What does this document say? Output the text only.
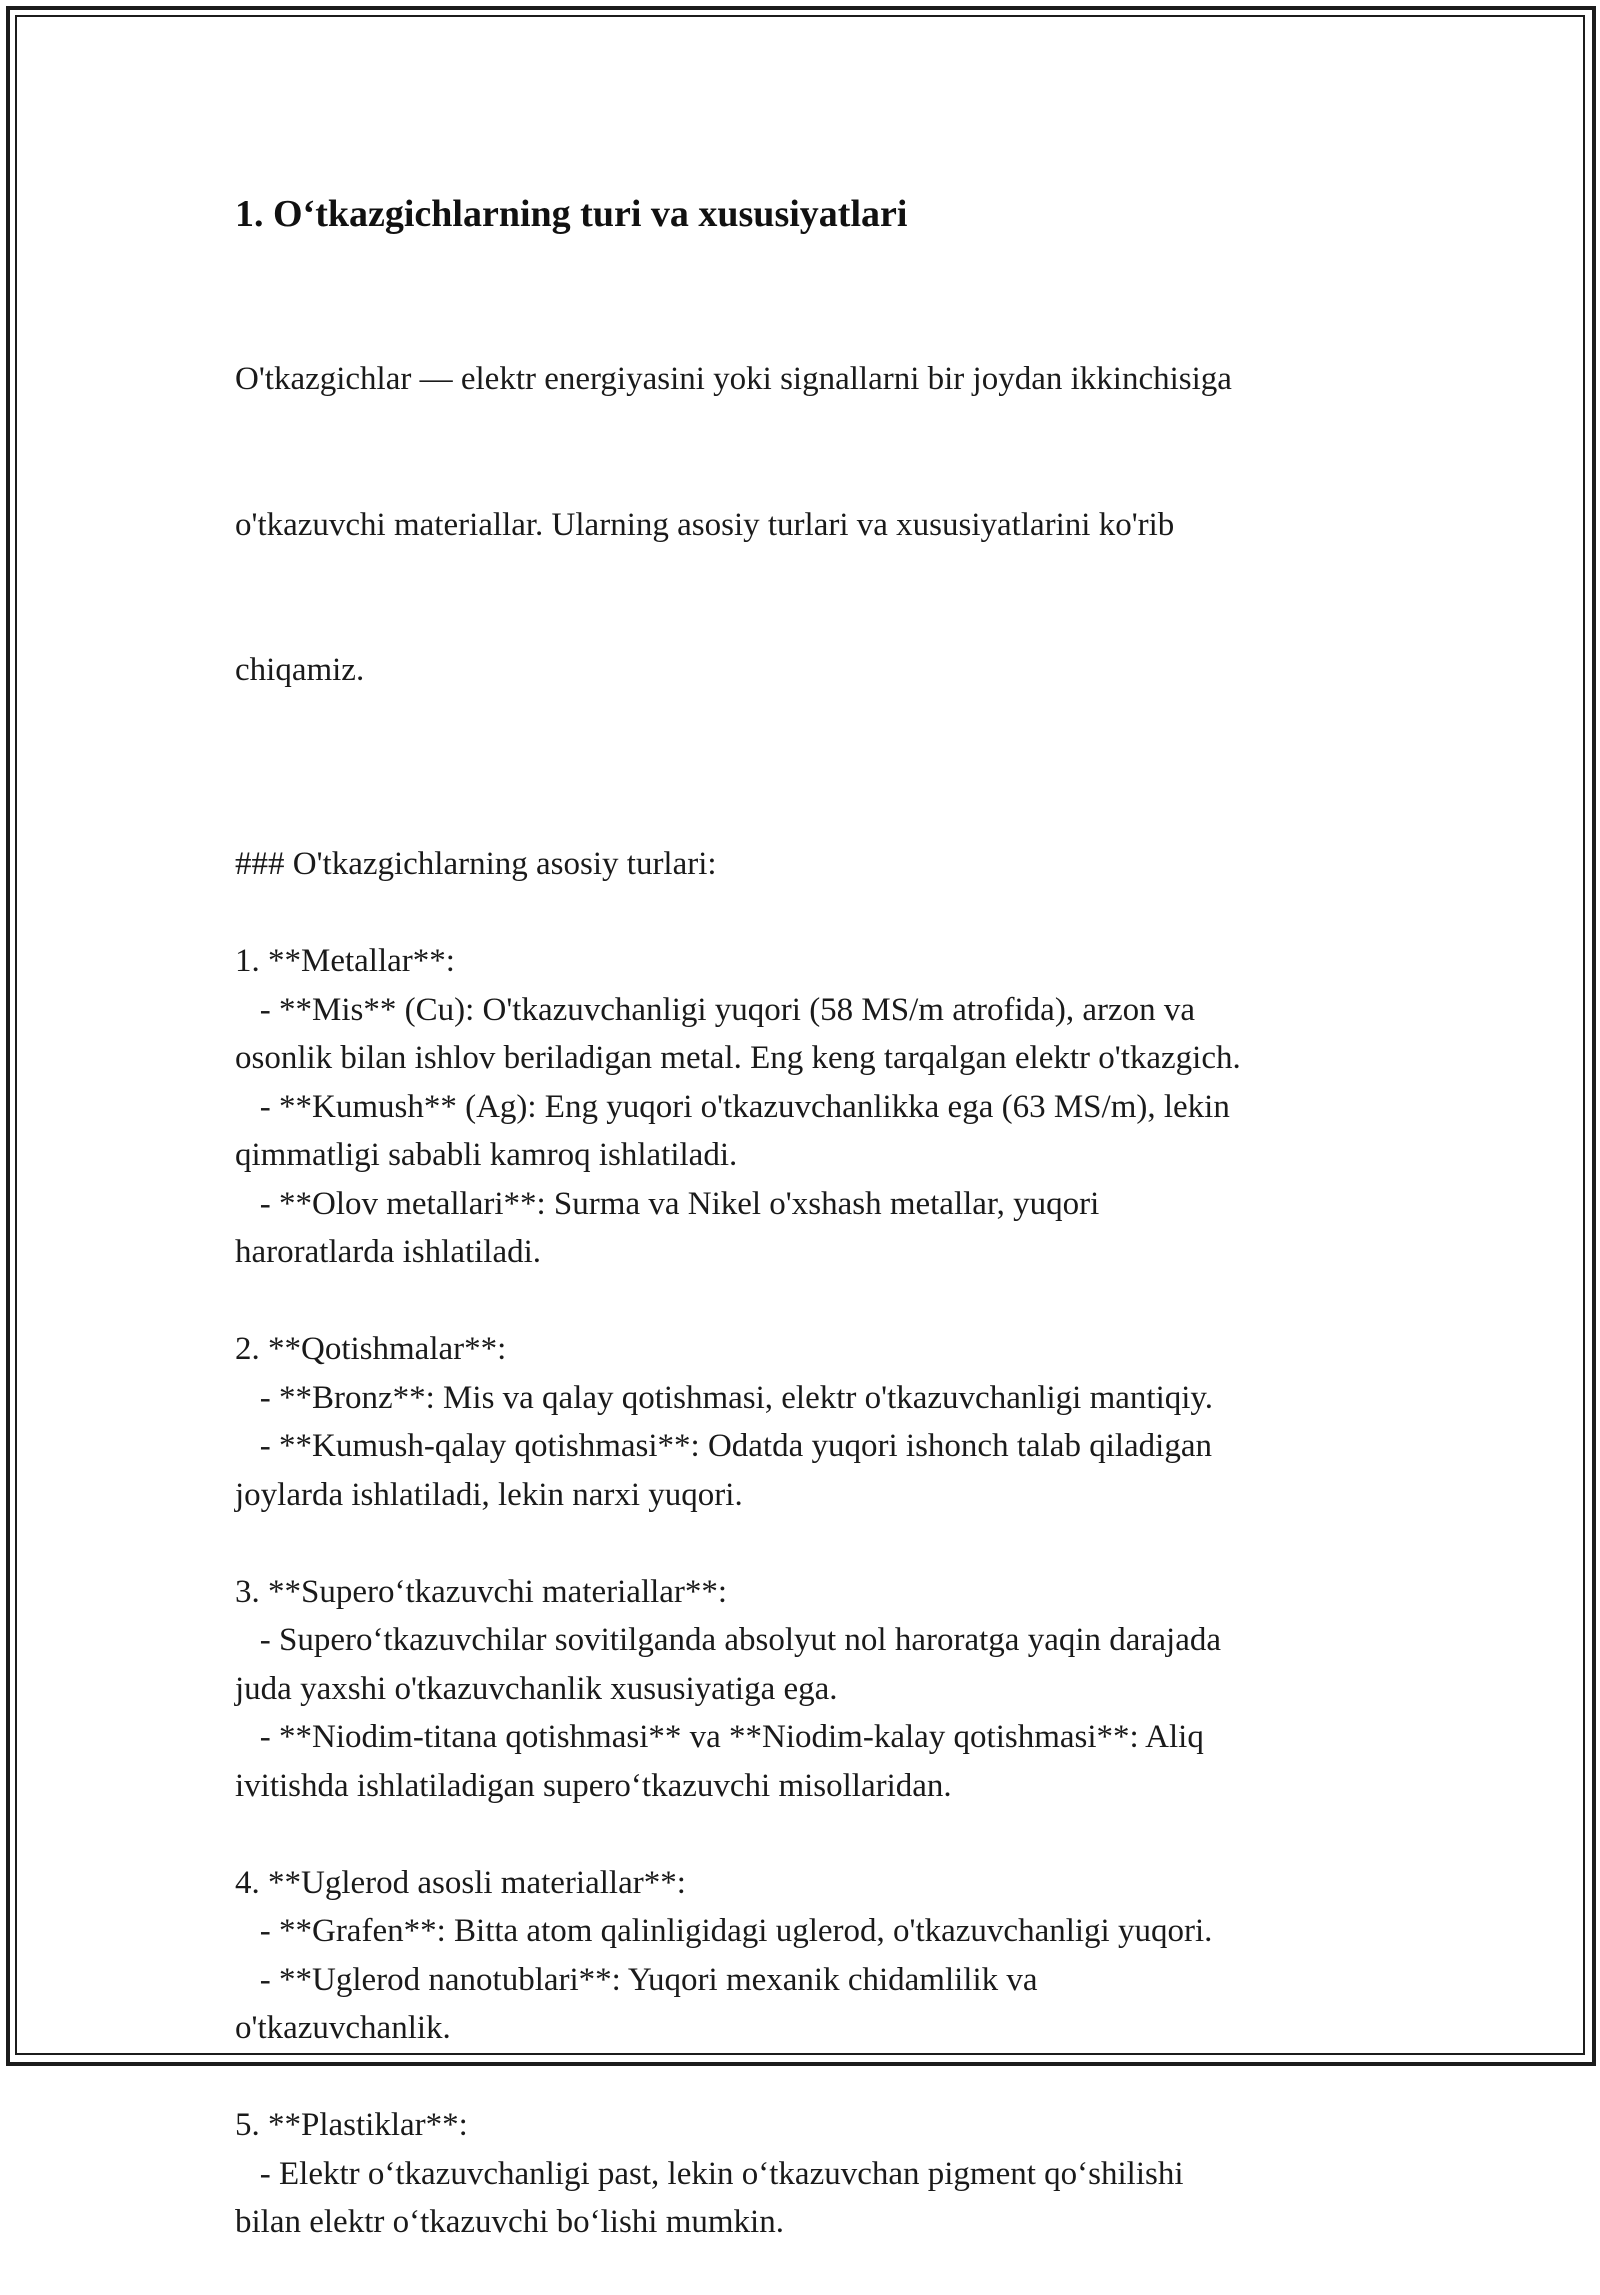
1. O‘tkazgichlarning turi va xususiyatlari

O'tkazgichlar — elektr energiyasini yoki signallarni bir joydan ikkinchisiga

o'tkazuvchi materiallar. Ularning asosiy turlari va xususiyatlarini ko'rib

chiqamiz.

### O'tkazgichlarning asosiy turlari:
1. **Metallar**:
- **Mis** (Cu): O'tkazuvchanligi yuqori (58 MS/m atrofida), arzon va
osonlik bilan ishlov beriladigan metal. Eng keng tarqalgan elektr o'tkazgich.
- **Kumush** (Ag): Eng yuqori o'tkazuvchanlikka ega (63 MS/m), lekin
qimmatligi sababli kamroq ishlatiladi.
- **Olov metallari**: Surma va Nikel o'xshash metallar, yuqori
haroratlarda ishlatiladi.
2. **Qotishmalar**:
- **Bronz**: Mis va qalay qotishmasi, elektr o'tkazuvchanligi mantiqiy.
- **Kumush-qalay qotishmasi**: Odatda yuqori ishonch talab qiladigan
joylarda ishlatiladi, lekin narxi yuqori.
3. **Supero‘tkazuvchi materiallar**:
- Supero‘tkazuvchilar sovitilganda absolyut nol haroratga yaqin darajada
juda yaxshi o'tkazuvchanlik xususiyatiga ega.
- **Niodim-titana qotishmasi** va **Niodim-kalay qotishmasi**: Aliq
ivitishda ishlatiladigan supero‘tkazuvchi misollaridan.
4. **Uglerod asosli materiallar**:
- **Grafen**: Bitta atom qalinligidagi uglerod, o'tkazuvchanligi yuqori.
- **Uglerod nanotublari**: Yuqori mexanik chidamlilik va
o'tkazuvchanlik.
5. **Plastiklar**:
- Elektr o‘tkazuvchanligi past, lekin o‘tkazuvchan pigment qo‘shilishi
bilan elektr o‘tkazuvchi bo‘lishi mumkin.
